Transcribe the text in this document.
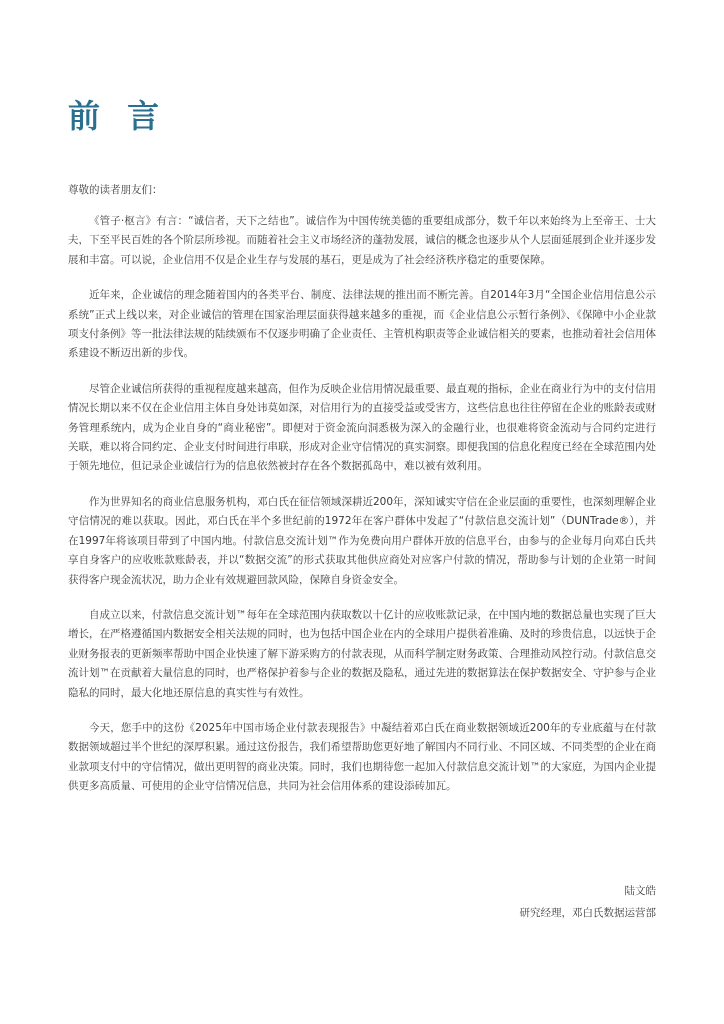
前 言

尊敬的读者朋友们：

《管子·枢言》有言：“诚信者，天下之结也”。诚信作为中国传统美德的重要组成部分，数千年以来始终为上至帝王、士大夫，下至平民百姓的各个阶层所珍视。而随着社会主义市场经济的蓬勃发展，诚信的概念也逐步从个人层面延展到企业并逐步发展和丰富。可以说，企业信用不仅是企业生存与发展的基石，更是成为了社会经济秩序稳定的重要保障。

近年来，企业诚信的理念随着国内的各类平台、制度、法律法规的推出而不断完善。自2014年3月“全国企业信用信息公示系统”正式上线以来，对企业诚信的管理在国家治理层面获得越来越多的重视，而《企业信息公示暂行条例》、《保障中小企业款项支付条例》等一批法律法规的陆续颁布不仅逐步明确了企业责任、主管机构职责等企业诚信相关的要素，也推动着社会信用体系建设不断迈出新的步伐。

尽管企业诚信所获得的重视程度越来越高，但作为反映企业信用情况最重要、最直观的指标，企业在商业行为中的支付信用情况长期以来不仅在企业信用主体自身处讳莫如深，对信用行为的直接受益或受害方，这些信息也往往停留在企业的账龄表或财务管理系统内，成为企业自身的“商业秘密”。即便对于资金流向洞悉极为深入的金融行业，也很难将资金流动与合同约定进行关联，难以将合同约定、企业支付时间进行串联，形成对企业守信情况的真实洞察。即便我国的信息化程度已经在全球范围内处于领先地位，但记录企业诚信行为的信息依然被封存在各个数据孤岛中，难以被有效利用。

作为世界知名的商业信息服务机构，邓白氏在征信领域深耕近200年，深知诚实守信在企业层面的重要性，也深刻理解企业守信情况的难以获取。因此，邓白氏在半个多世纪前的1972年在客户群体中发起了“付款信息交流计划”（DUNTrade®），并在1997年将该项目带到了中国内地。付款信息交流计划™作为免费向用户群体开放的信息平台，由参与的企业每月向邓白氏共享自身客户的应收账款账龄表，并以“数据交流”的形式获取其他供应商处对应客户付款的情况，帮助参与计划的企业第一时间获得客户现金流状况，助力企业有效规避回款风险，保障自身资金安全。

自成立以来，付款信息交流计划™每年在全球范围内获取数以十亿计的应收账款记录，在中国内地的数据总量也实现了巨大增长，在严格遵循国内数据安全相关法规的同时，也为包括中国企业在内的全球用户提供着准确、及时的珍贵信息，以远快于企业财务报表的更新频率帮助中国企业快速了解下游采购方的付款表现，从而科学制定财务政策、合理推动风控行动。付款信息交流计划™在贡献着大量信息的同时，也严格保护着参与企业的数据及隐私，通过先进的数据算法在保护数据安全、守护参与企业隐私的同时，最大化地还原信息的真实性与有效性。

今天，您手中的这份《2025年中国市场企业付款表现报告》中凝结着邓白氏在商业数据领域近200年的专业底蕴与在付款数据领域超过半个世纪的深厚积累。通过这份报告，我们希望帮助您更好地了解国内不同行业、不同区域、不同类型的企业在商业款项支付中的守信情况，做出更明智的商业决策。同时，我们也期待您一起加入付款信息交流计划™的大家庭，为国内企业提供更多高质量、可使用的企业守信情况信息，共同为社会信用体系的建设添砖加瓦。

陆文皓
研究经理，邓白氏数据运营部
